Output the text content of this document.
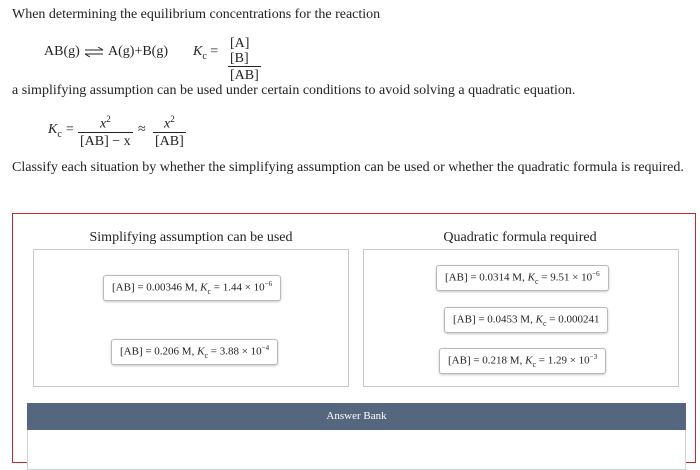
When determining the equilibrium concentrations for the reaction
AB(g) ⇌ A(g)+B(g) $K_c$ =
[A][B]
[AB]
a simplifying assumption can be used under certain conditions to avoid solving a quadratic equation.
$K_c = x^2$
[AB] − x
≈ $x^2$
[AB]
Classify each situation by whether the simplifying assumption can be used or whether the quadratic formula is required.
Simplifying assumption can be used	Quadratic formula required
[AB] = 0.00346 M, $K_c = 1.44 \times 10^{-6}$
[AB] = 0.206 M, $K_c = 3.88 \times 10^{-4}$
[AB] = 0.0314 M, $K_c = 9.51 \times 10^{-6}$
[AB] = 0.0453 M, $K_c = 0.000241$
[AB] = 0.218 M, $K_c = 1.29 \times 10^{-3}$
Answer Bank
